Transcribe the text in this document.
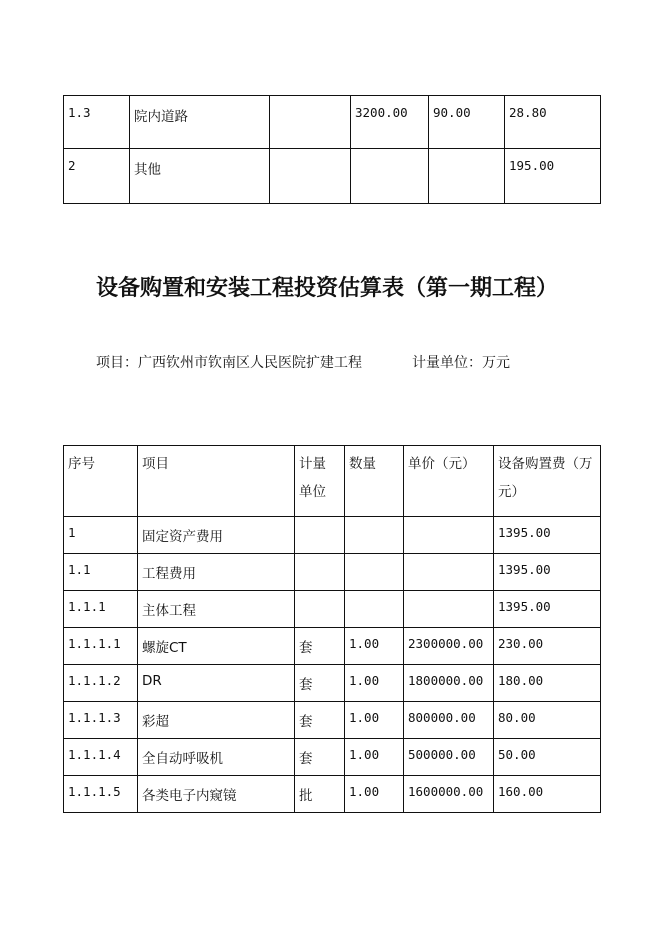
1.3	院内道路		3200.00	90.00	28.80
2	其他				195.00
设备购置和安装工程投资估算表（第一期工程）

项目：广西钦州市钦南区人民医院扩建工程	计量单位：万元

序号	项目	计量单位	数量	单价（元）	设备购置费（万元）
1	固定资产费用				1395.00
1.1	工程费用				1395.00
1.1.1	主体工程				1395.00
1.1.1.1	螺旋CT	套	1.00	2300000.00	230.00
1.1.1.2	DR	套	1.00	1800000.00	180.00
1.1.1.3	彩超	套	1.00	800000.00	80.00
1.1.1.4	全自动呼吸机	套	1.00	500000.00	50.00
1.1.1.5	各类电子内窥镜	批	1.00	1600000.00	160.00
